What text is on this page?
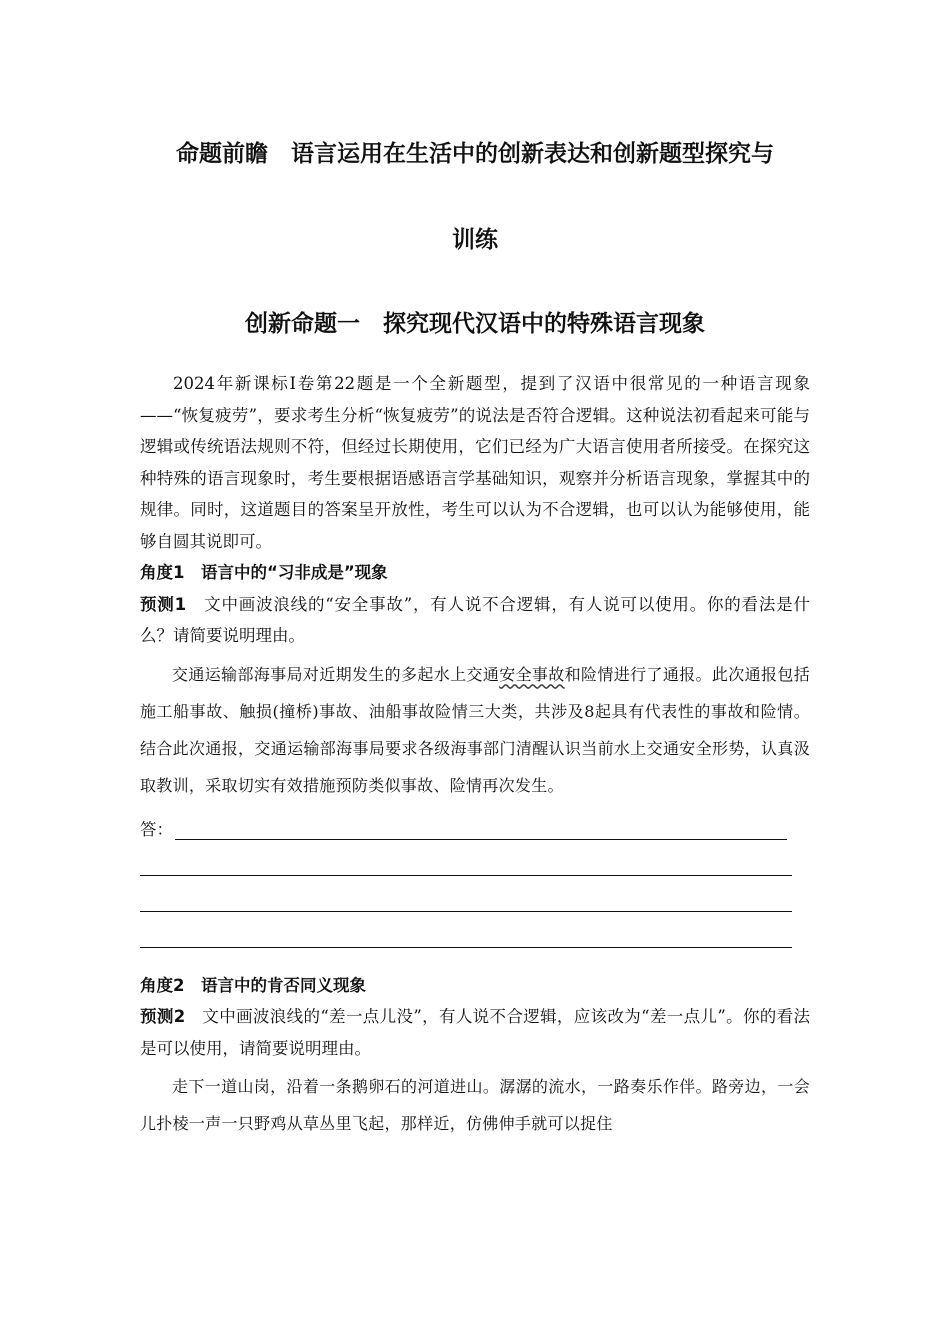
命题前瞻　语言运用在生活中的创新表达和创新题型探究与
训练
创新命题一　探究现代汉语中的特殊语言现象

2024年新课标Ⅰ卷第22题是一个全新题型，提到了汉语中很常见的一种语言现象——“恢复疲劳”，要求考生分析“恢复疲劳”的说法是否符合逻辑。这种说法初看起来可能与逻辑或传统语法规则不符，但经过长期使用，它们已经为广大语言使用者所接受。在探究这种特殊的语言现象时，考生要根据语感语言学基础知识，观察并分析语言现象，掌握其中的规律。同时，这道题目的答案呈开放性，考生可以认为不合逻辑，也可以认为能够使用，能够自圆其说即可。

角度1　 语言中的“习非成是”现象

预测1　 文中画波浪线的“安全事故”，有人说不合逻辑，有人说可以使用。你的看法是什么？请简要说明理由。

交通运输部海事局对近期发生的多起水上交通安全事故和险情进行了通报。此次通报包括施工船事故、触损(撞桥)事故、油船事故险情三大类，共涉及8起具有代表性的事故和险情。结合此次通报，交通运输部海事局要求各级海事部门清醒认识当前水上交通安全形势，认真汲取教训，采取切实有效措施预防类似事故、险情再次发生。

答：

角度2　 语言中的肯否同义现象

预测2　 文中画波浪线的“差一点儿没”，有人说不合逻辑，应该改为“差一点儿”。你的看法是可以使用，请简要说明理由。

走下一道山岗，沿着一条鹅卵石的河道进山。潺潺的流水，一路奏乐作伴。路旁边，一会儿扑棱一声一只野鸡从草丛里飞起，那样近，仿佛伸手就可以捉住
